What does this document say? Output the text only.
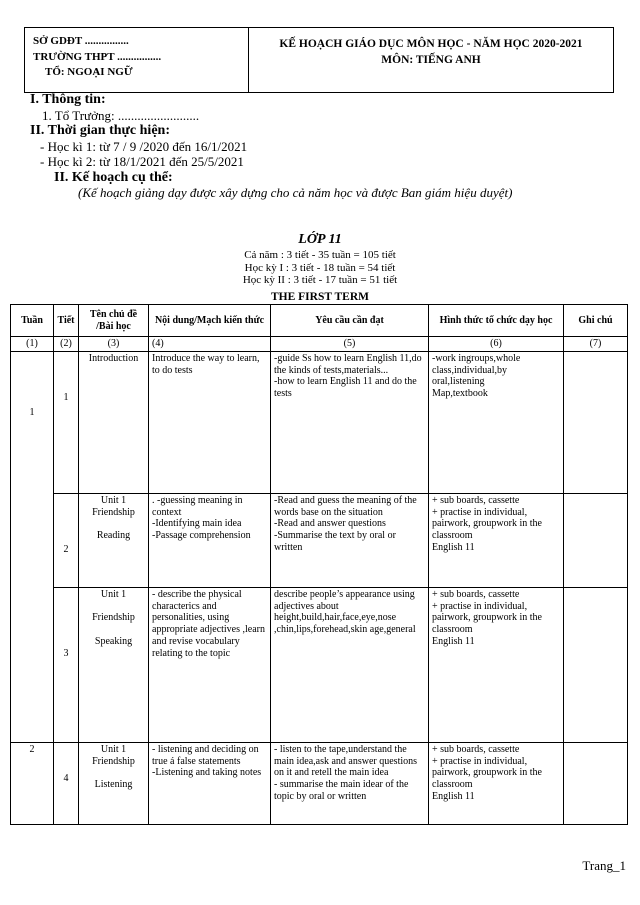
SỞ GDĐT ................
TRƯỜNG THPT ................
TỔ: NGOẠI NGỮ
KẾ HOẠCH GIÁO DỤC MÔN HỌC - NĂM HỌC 2020-2021
MÔN: TIẾNG ANH
I. Thông tin:
1. Tổ Trưởng: .........................
II. Thời gian thực hiện:
- Học kì 1: từ 7 / 9 /2020 đến 16/1/2021
- Học kì 2: từ 18/1/2021 đến 25/5/2021
II. Kế hoạch cụ thể:
(Kế hoạch giảng dạy được xây dựng cho cả năm học và được Ban giám hiệu duyệt)
LỚP 11
Cả năm : 3 tiết - 35 tuần = 105 tiết
Học kỳ I : 3 tiết - 18 tuần = 54 tiết
Học kỳ II : 3 tiết - 17 tuần = 51 tiết
THE FIRST TERM
Tuần	Tiết	Tên chủ đề /Bài học	Nội dung/Mạch kiến thức	Yêu cầu cần đạt	Hình thức tổ chức dạy học	Ghi chú
(1)	(2)	(3)	(4)	(5)	(6)	(7)
1	1	Introduction	Introduce the way to learn, to do tests	-guide Ss how to learn English 11,do the kinds of tests,materials...
-how to learn English 11 and do the tests	-work ingroups,whole class,individual,by oral,listening
Map,textbook	
	2	Unit 1
Friendship

Reading	. -guessing meaning in context
-Identifying main idea
-Passage comprehension	-Read and guess the meaning of the words base on the situation
-Read and answer questions
-Summarise the text by oral or written	+ sub boards, cassette
+ practise in individual, pairwork, groupwork in the classroom
English 11	
	3	Unit 1

Friendship

Speaking	- describe the physical characterics and personalities, using appropriate adjectives ,learn and revise vocabulary relating to the topic	describe people’s appearance using adjectives about height,build,hair,face,eye,nose ,chin,lips,forehead,skin age,general	+ sub boards, cassette
+ practise in individual, pairwork, groupwork in the classroom
English 11	
2	4	Unit 1
Friendship

Listening	- listening and deciding on true á false statements
-Listening and taking notes	- listen to the tape,understand the main idea,ask and answer questions on it and retell the main idea
- summarise the main idear of the topic by oral or written	+ sub boards, cassette
+ practise in individual, pairwork, groupwork in the classroom
English 11	
Trang_1
